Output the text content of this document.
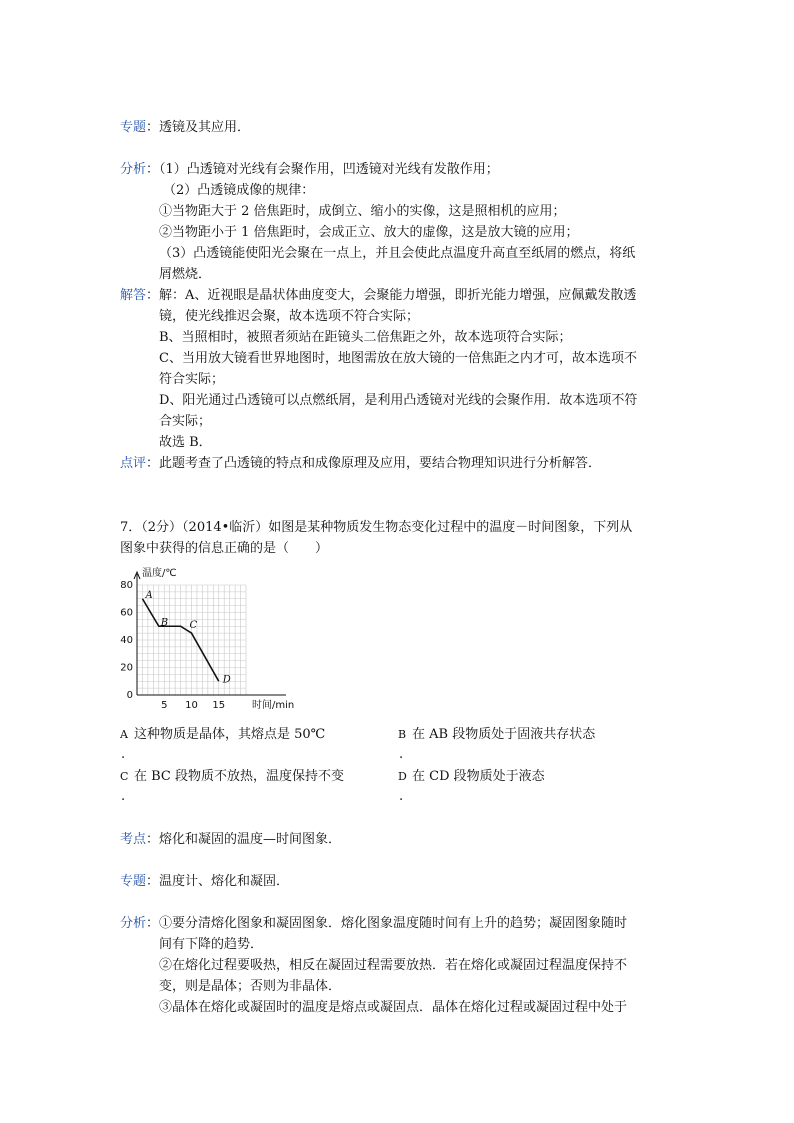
专题：透镜及其应用．
分析：（1）凸透镜对光线有会聚作用，凹透镜对光线有发散作用；
（2）凸透镜成像的规律：
①当物距大于 2 倍焦距时，成倒立、缩小的实像，这是照相机的应用；
②当物距小于 1 倍焦距时，会成正立、放大的虚像，这是放大镜的应用；
（3）凸透镜能使阳光会聚在一点上，并且会使此点温度升高直至纸屑的燃点，将纸
屑燃烧．
解答：解：A、近视眼是晶状体曲度变大，会聚能力增强，即折光能力增强，应佩戴发散透
镜，使光线推迟会聚，故本选项不符合实际；
B、当照相时，被照者须站在距镜头二倍焦距之外，故本选项符合实际；
C、当用放大镜看世界地图时，地图需放在放大镜的一倍焦距之内才可，故本选项不
符合实际；
D、阳光通过凸透镜可以点燃纸屑，是利用凸透镜对光线的会聚作用．故本选项不符
合实际；
故选 B．
点评：此题考查了凸透镜的特点和成像原理及应用，要结合物理知识进行分析解答．
7．（2分）（2014•临沂）如图是某种物质发生物态变化过程中的温度－时间图象，下列从
图象中获得的信息正确的是（　　）
0
20
40
60
80
5 10 15
A
B C
D
温度/℃
时间/min
A 这种物质是晶体，其熔点是 50℃
.
B 在 AB 段物质处于固液共存状态
.
C 在 BC 段物质不放热，温度保持不变
.
D 在 CD 段物质处于液态
.
考点：熔化和凝固的温度—时间图象．
专题：温度计、熔化和凝固．
分析：①要分清熔化图象和凝固图象．熔化图象温度随时间有上升的趋势；凝固图象随时
间有下降的趋势．
②在熔化过程要吸热，相反在凝固过程需要放热．若在熔化或凝固过程温度保持不
变，则是晶体；否则为非晶体．
③晶体在熔化或凝固时的温度是熔点或凝固点．晶体在熔化过程或凝固过程中处于
